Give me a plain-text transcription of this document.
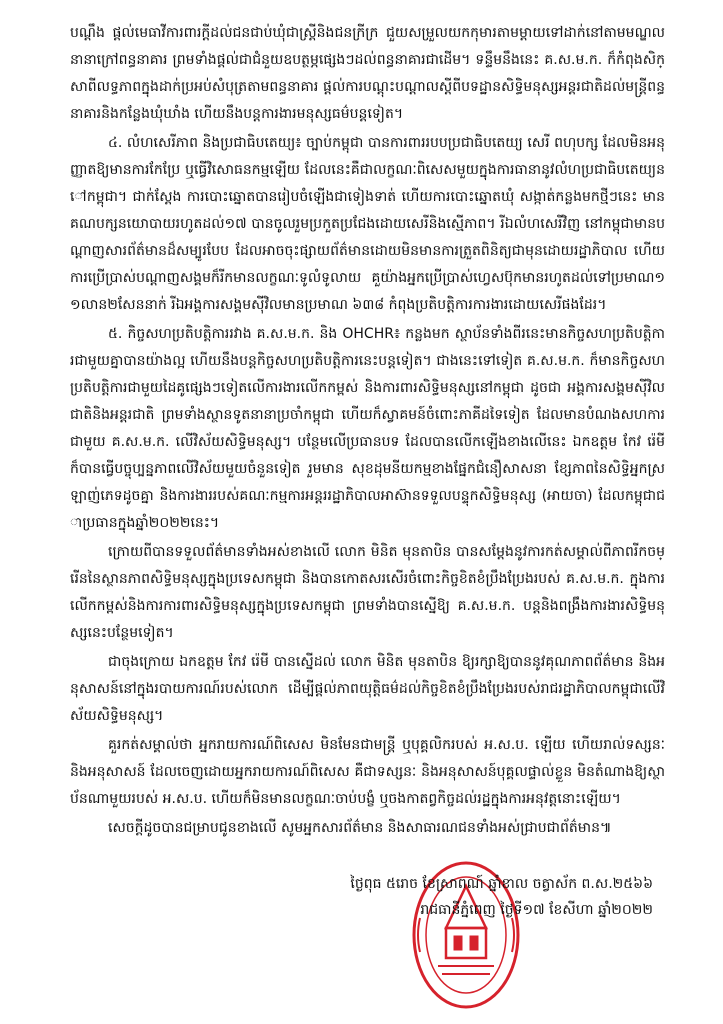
បណ្ដឹង ផ្ដល់មេធាវីការពារក្ដីដល់ជនជាប់ឃុំជាស្ត្រីនិងជនក្រីក្រ ជួយសម្រួលយកកុមារតាមម្ដាយទៅដាក់នៅតាមមណ្ឌលនានាក្រៅពន្ធនាគារ ព្រមទាំងផ្ដល់ជាជំនួយឧបត្ថម្ភផ្សេងៗដល់ពន្ធនាគារជាដើម។ ទន្ទឹមនឹងនេះ គ.ស.ម.ក. ក៏កំពុងសិក្សាពីលទ្ធភាពក្នុងដាក់ប្រអប់សំបុត្រតាមពន្ធនាគារ ផ្ដល់ការបណ្ដុះបណ្ដាលស្ដីពីបទដ្ឋានសិទ្ធិមនុស្សអន្តរជាតិដល់មន្ត្រីពន្ធនាគារនិងកន្លែងឃុំឃាំង ហើយនឹងបន្តការងារមនុស្សធម៌បន្តទៀត។

៤. លំហសេរីភាព និងប្រជាធិបតេយ្យ៖ ច្បាប់កម្ពុជា បានការពាររបបប្រជាធិបតេយ្យ សេរី ពហុបក្ស ដែលមិនអនុញ្ញាតឱ្យមានការកែប្រែ ឬធ្វើវិសោធនកម្មឡើយ ដែលនេះគឺជាលក្ខណៈពិសេសមួយក្នុងការធានានូវលំហប្រជាធិបតេយ្យនៅកម្ពុជា។ ជាក់ស្ដែង ការបោះឆ្នោតបានរៀបចំឡើងជាទៀងទាត់ ហើយការបោះឆ្នោតឃុំ សង្កាត់កន្លងមកថ្មីៗនេះ មានគណបក្សនយោបាយរហូតដល់១៧ បានចូលរួមប្រកួតប្រជែងដោយសេរីនិងស្មើភាព។ រីឯលំហសេរីវិញ នៅកម្ពុជាមានបណ្ដាញសារព័ត៌មានដ៏សម្បូរបែប ដែលអាចចុះផ្សាយព័ត៌មានដោយមិនមានការត្រួតពិនិត្យជាមុនដោយរដ្ឋាភិបាល ហើយការប្រើប្រាស់បណ្ដាញសង្គមក៏រីកមានលក្ខណៈទូលំទូលាយ គួយ៉ាងអ្នកប្រើប្រាស់ហ្វេសប៊ុកមានរហូតដល់ទៅប្រមាណ១១លាន២សែននាក់ រីឯអង្គការសង្គមស៊ីវិលមានប្រមាណ ៦៣៨ កំពុងប្រតិបត្តិការការងារដោយសេរីផងដែរ។

៥. កិច្ចសហប្រតិបត្តិការរវាង គ.ស.ម.ក. និង OHCHR៖ កន្លងមក ស្ថាប័នទាំងពីរនេះមានកិច្ចសហប្រតិបត្តិការជាមួយគ្នាបានយ៉ាងល្អ ហើយនឹងបន្តកិច្ចសហប្រតិបត្តិការនេះបន្តទៀត។ ជាងនេះទៅទៀត គ.ស.ម.ក. ក៏មានកិច្ចសហប្រតិបត្តិការជាមួយដៃគូផ្សេងៗទៀតលើការងារលើកកម្ពស់ និងការពារសិទ្ធិមនុស្សនៅកម្ពុជា ដូចជា អង្គការសង្គមស៊ីវិលជាតិនិងអន្តរជាតិ ព្រមទាំងស្ថានទូតនានាប្រចាំកម្ពុជា ហើយក៏ស្វាគមន៍ចំពោះភាគីដទៃទៀត ដែលមានបំណងសហការជាមួយ គ.ស.ម.ក. លើវិស័យសិទ្ធិមនុស្ស។ បន្ថែមលើប្រធានបទ ដែលបានលើកឡើងខាងលើនេះ ឯកឧត្តម កែវ រ៉េមី ក៏បានធ្វើបច្ចុប្បន្នភាពលើវិស័យមួយចំនួនទៀត រួមមាន សុខដុមនីយកម្មខាងផ្នែកជំនឿសាសនា ខ្សែភាពនៃសិទ្ធិអ្នកស្រឡាញ់ភេទដូចគ្នា និងការងាររបស់គណៈកម្មការអន្តររដ្ឋាភិបាលអាស៊ានទទួលបន្ទុកសិទ្ធិមនុស្ស (អាយចា) ដែលកម្ពុជាជាប្រធានក្នុងឆ្នាំ២០២២នេះ។

ក្រោយពីបានទទួលព័ត៌មានទាំងអស់ខាងលើ លោក មិនិត មុនតាបិន បានសម្ដែងនូវការកត់សម្គាល់ពីភាពរីកចម្រើននៃស្ថានភាពសិទ្ធិមនុស្សក្នុងប្រទេសកម្ពុជា និងបានកោតសរសើរចំពោះកិច្ចខិតខំប្រឹងប្រែងរបស់ គ.ស.ម.ក. ក្នុងការលើកកម្ពស់និងការការពារសិទ្ធិមនុស្សក្នុងប្រទេសកម្ពុជា ព្រមទាំងបានស្នើឱ្យ គ.ស.ម.ក. បន្តនិងពង្រឹងការងារសិទ្ធិមនុស្សនេះបន្ថែមទៀត។

ជាចុងក្រោយ ឯកឧត្តម កែវ រ៉េមី បានស្នើដល់ លោក មិនិត មុនតាបិន ឱ្យរក្សាឱ្យបាននូវគុណភាពព័ត៌មាន និងអនុសាសន៍នៅក្នុងរបាយការណ៍របស់លោក ដើម្បីផ្ដល់ភាពយុត្តិធម៌ដល់កិច្ចខិតខំប្រឹងប្រែងរបស់រាជរដ្ឋាភិបាលកម្ពុជាលើវិស័យសិទ្ធិមនុស្ស។

គួរកត់សម្គាល់ថា អ្នករាយការណ៍ពិសេស មិនមែនជាមន្ត្រី ឬបុគ្គលិករបស់ អ.ស.ប. ឡើយ ហើយរាល់ទស្សនៈ និងអនុសាសន៍ ដែលចេញដោយអ្នករាយការណ៍ពិសេស គឺជាទស្សនៈ និងអនុសាសន៍បុគ្គលផ្ទាល់ខ្លួន មិនតំណាងឱ្យស្ថាប័នណាមួយរបស់ អ.ស.ប. ហើយក៏មិនមានលក្ខណៈចាប់បង្ខំ ឬចងកាតព្វកិច្ចដល់រដ្ឋក្នុងការអនុវត្តនោះឡើយ។

សេចក្ដីដូចបានជម្រាបជូនខាងលើ សូមអ្នកសារព័ត៌មាន និងសាធារណជនទាំងអស់ជ្រាបជាព័ត៌មាន៕

ថ្ងៃពុធ ៥រោច ខែស្រាពណ៍ ឆ្នាំខាល ចត្វាស័ក ព.ស.២៥៦៦
រាជធានីភ្នំពេញ ថ្ងៃទី១៧ ខែសីហា ឆ្នាំ២០២២
